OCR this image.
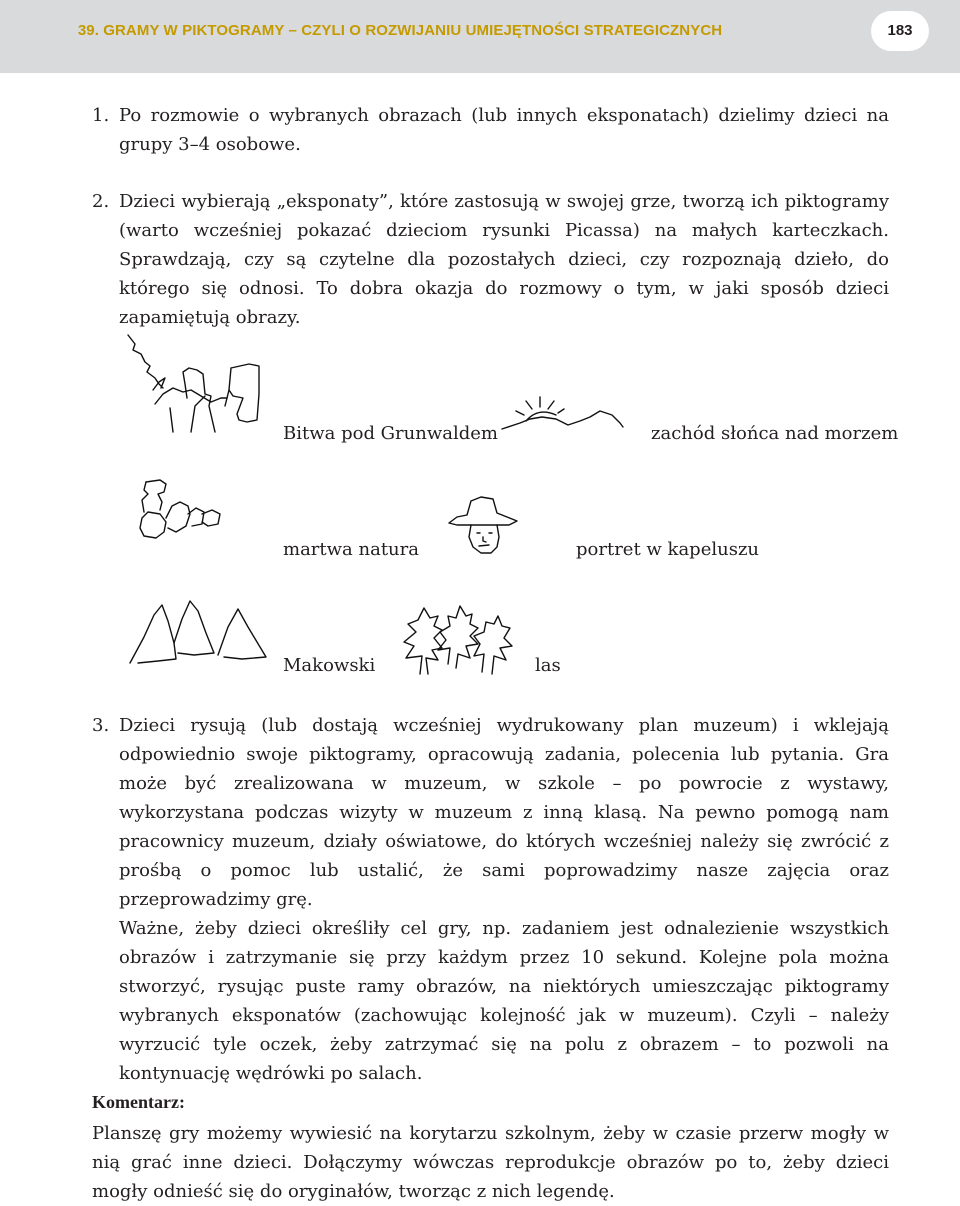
39. GRAMY W PIKTOGRAMY – CZYLI O ROZWIJANIU UMIEJĘTNOŚCI STRATEGICZNYCH	183
1. Po rozmowie o wybranych obrazach (lub innych eksponatach) dzielimy dzieci na grupy 3–4 osobowe.

2. Dzieci wybierają „eksponaty”, które zastosują w swojej grze, tworzą ich piktogramy (warto wcześniej pokazać dzieciom rysunki Picassa) na małych karteczkach. Sprawdzają, czy są czytelne dla pozostałych dzieci, czy rozpoznają dzieło, do którego się odnosi. To dobra okazja do rozmowy o tym, w jaki sposób dzieci zapamiętują obrazy.

Bitwa pod Grunwaldem	zachód słońca nad morzem
martwa natura	portret w kapeluszu
Makowski	las
3. Dzieci rysują (lub dostają wcześniej wydrukowany plan muzeum) i wklejają odpowiednio swoje piktogramy, opracowują zadania, polecenia lub pytania. Gra może być zrealizowana w muzeum, w szkole – po powrocie z wystawy, wykorzystana podczas wizyty w muzeum z inną klasą. Na pewno pomogą nam pracownicy muzeum, działy oświatowe, do których wcześniej należy się zwrócić z prośbą o pomoc lub ustalić, że sami poprowadzimy nasze zajęcia oraz przeprowadzimy grę.

Ważne, żeby dzieci określiły cel gry, np. zadaniem jest odnalezienie wszystkich obrazów i zatrzymanie się przy każdym przez 10 sekund. Kolejne pola można stworzyć, rysując puste ramy obrazów, na niektórych umieszczając piktogramy wybranych eksponatów (zachowując kolejność jak w muzeum). Czyli – należy wyrzucić tyle oczek, żeby zatrzymać się na polu z obrazem – to pozwoli na kontynuację wędrówki po salach.

Komentarz:

Planszę gry możemy wywiesić na korytarzu szkolnym, żeby w czasie przerw mogły w nią grać inne dzieci. Dołączymy wówczas reprodukcje obrazów po to, żeby dzieci mogły odnieść się do oryginałów, tworząc z nich legendę.
